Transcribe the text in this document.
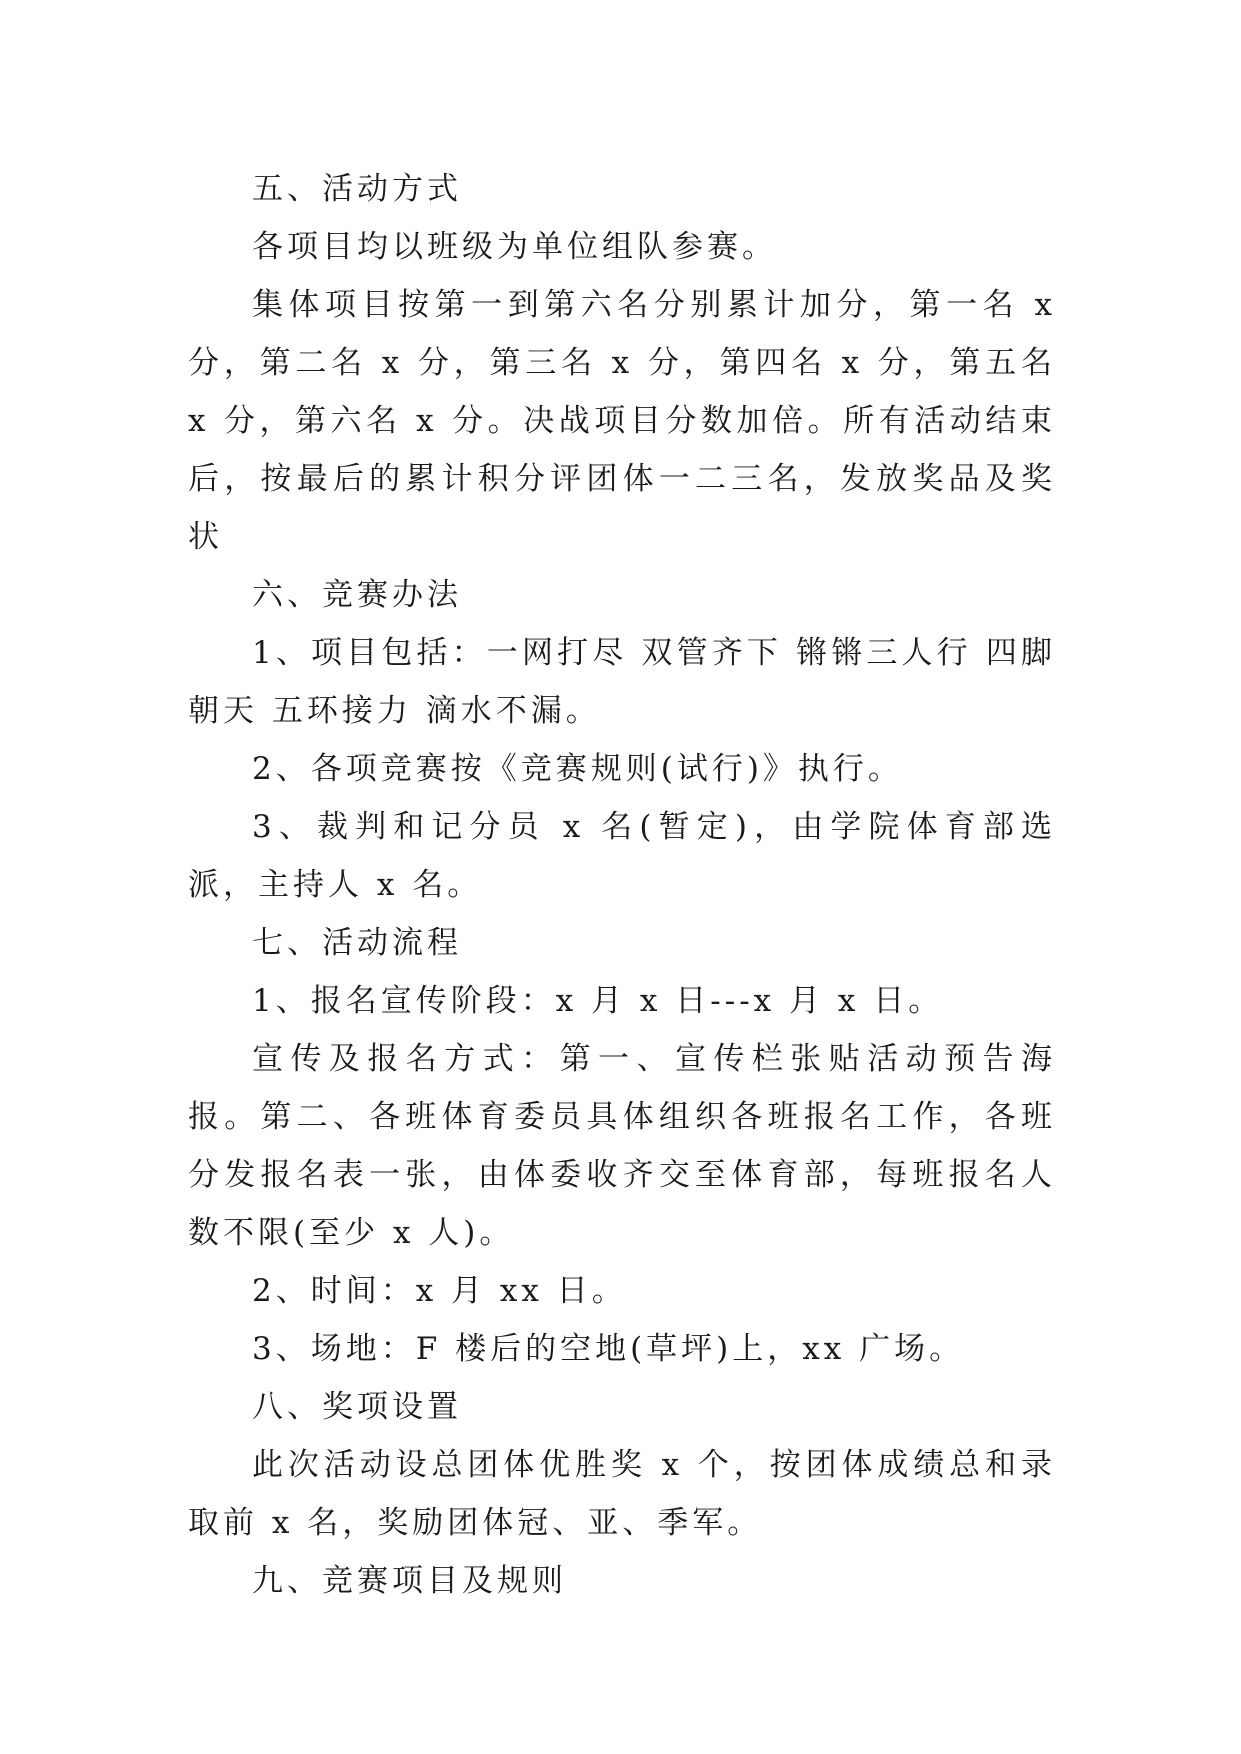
五、活动方式

各项目均以班级为单位组队参赛。

集体项目按第一到第六名分别累计加分，第一名 x 分，第二名 x 分，第三名 x 分，第四名 x 分，第五名 x 分，第六名 x 分。决战项目分数加倍。所有活动结束后，按最后的累计积分评团体一二三名，发放奖品及奖状

六、竞赛办法

1、项目包括：一网打尽 双管齐下 锵锵三人行 四脚朝天 五环接力 滴水不漏。

2、各项竞赛按《竞赛规则(试行)》执行。

3、裁判和记分员 x 名(暂定)，由学院体育部选派，主持人 x 名。

七、活动流程

1、报名宣传阶段：x 月 x 日---x 月 x 日。

宣传及报名方式：第一、宣传栏张贴活动预告海报。第二、各班体育委员具体组织各班报名工作，各班分发报名表一张，由体委收齐交至体育部，每班报名人数不限(至少 x 人)。

2、时间：x 月 xx 日。

3、场地：F 楼后的空地(草坪)上，xx 广场。

八、奖项设置

此次活动设总团体优胜奖 x 个，按团体成绩总和录取前 x 名，奖励团体冠、亚、季军。

九、竞赛项目及规则
